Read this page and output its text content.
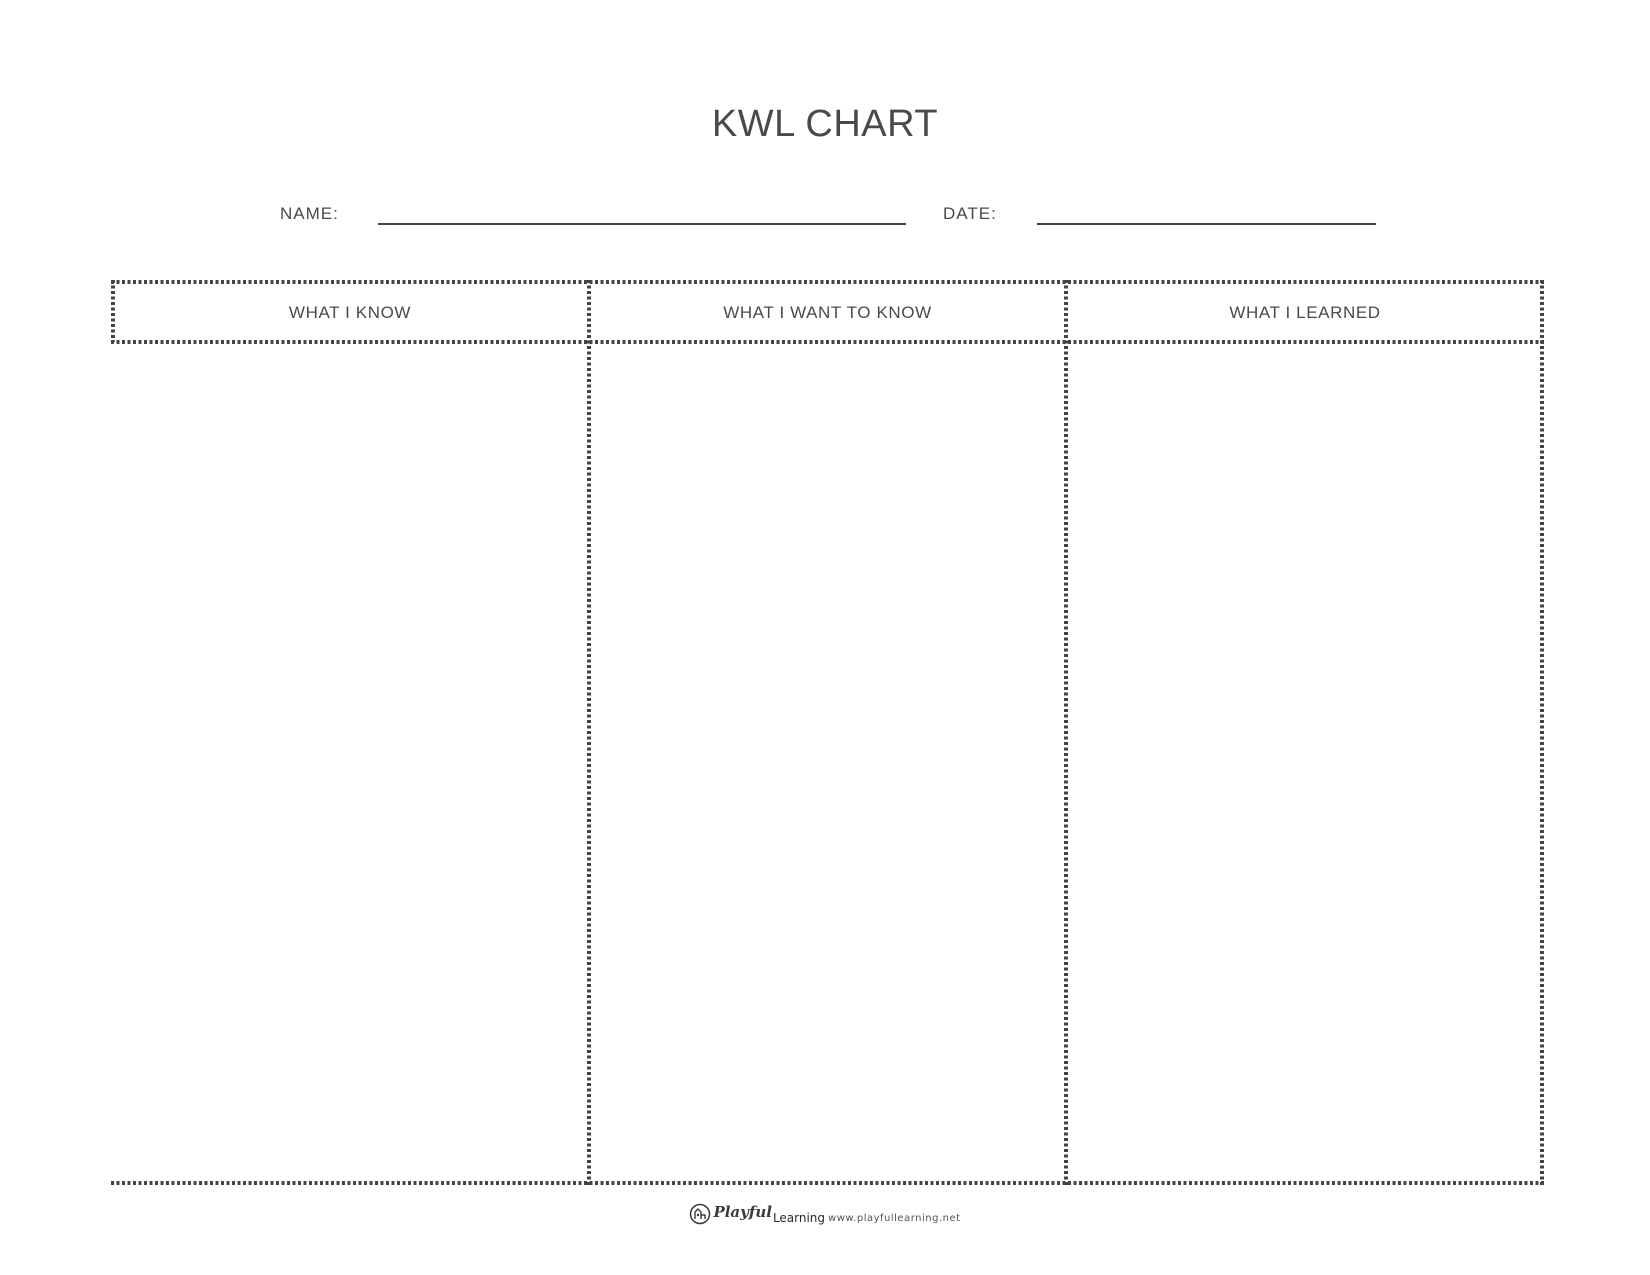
KWL CHART
NAME:	DATE:
WHAT I KNOW	WHAT I WANT TO KNOW	WHAT I LEARNED
Playful Learning www.playfullearning.net
